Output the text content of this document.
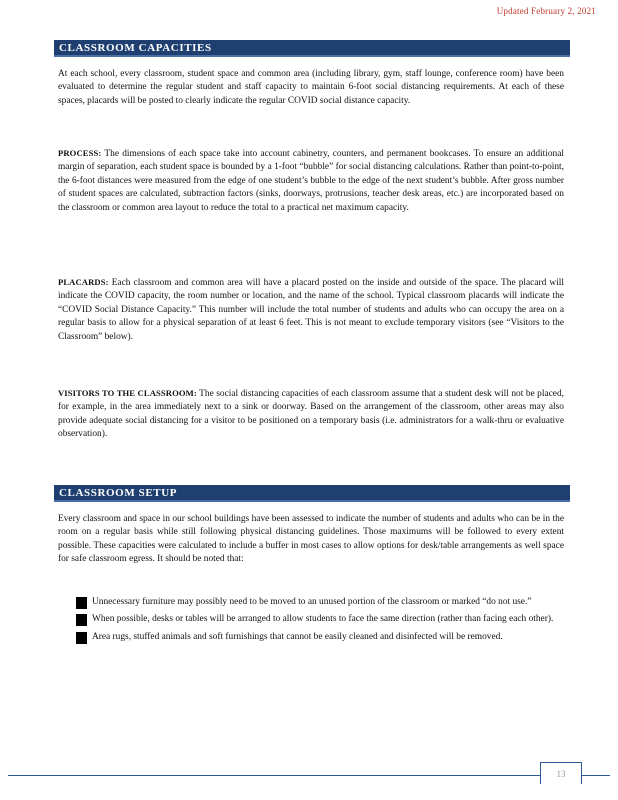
Updated February 2, 2021
CLASSROOM CAPACITIES

At each school, every classroom, student space and common area (including library, gym, staff lounge, conference room) have been evaluated to determine the regular student and staff capacity to maintain 6-foot social distancing requirements. At each of these spaces, placards will be posted to clearly indicate the regular COVID social distance capacity.

PROCESS: The dimensions of each space take into account cabinetry, counters, and permanent bookcases. To ensure an additional margin of separation, each student space is bounded by a 1-foot “bubble” for social distancing calculations. Rather than point-to-point, the 6-foot distances were measured from the edge of one student’s bubble to the edge of the next student’s bubble. After gross number of student spaces are calculated, subtraction factors (sinks, doorways, protrusions, teacher desk areas, etc.) are incorporated based on the classroom or common area layout to reduce the total to a practical net maximum capacity.

PLACARDS: Each classroom and common area will have a placard posted on the inside and outside of the space. The placard will indicate the COVID capacity, the room number or location, and the name of the school. Typical classroom placards will indicate the “COVID Social Distance Capacity.” This number will include the total number of students and adults who can occupy the area on a regular basis to allow for a physical separation of at least 6 feet. This is not meant to exclude temporary visitors (see “Visitors to the Classroom” below).

VISITORS TO THE CLASSROOM: The social distancing capacities of each classroom assume that a student desk will not be placed, for example, in the area immediately next to a sink or doorway. Based on the arrangement of the classroom, other areas may also provide adequate social distancing for a visitor to be positioned on a temporary basis (i.e. administrators for a walk-thru or evaluative observation).

CLASSROOM SETUP

Every classroom and space in our school buildings have been assessed to indicate the number of students and adults who can be in the room on a regular basis while still following physical distancing guidelines. Those maximums will be followed to every extent possible. These capacities were calculated to include a buffer in most cases to allow options for desk/table arrangements as well space for safe classroom egress. It should be noted that:

Unnecessary furniture may possibly need to be moved to an unused portion of the classroom or marked “do not use.”
When possible, desks or tables will be arranged to allow students to face the same direction (rather than facing each other).
Area rugs, stuffed animals and soft furnishings that cannot be easily cleaned and disinfected will be removed.
13
